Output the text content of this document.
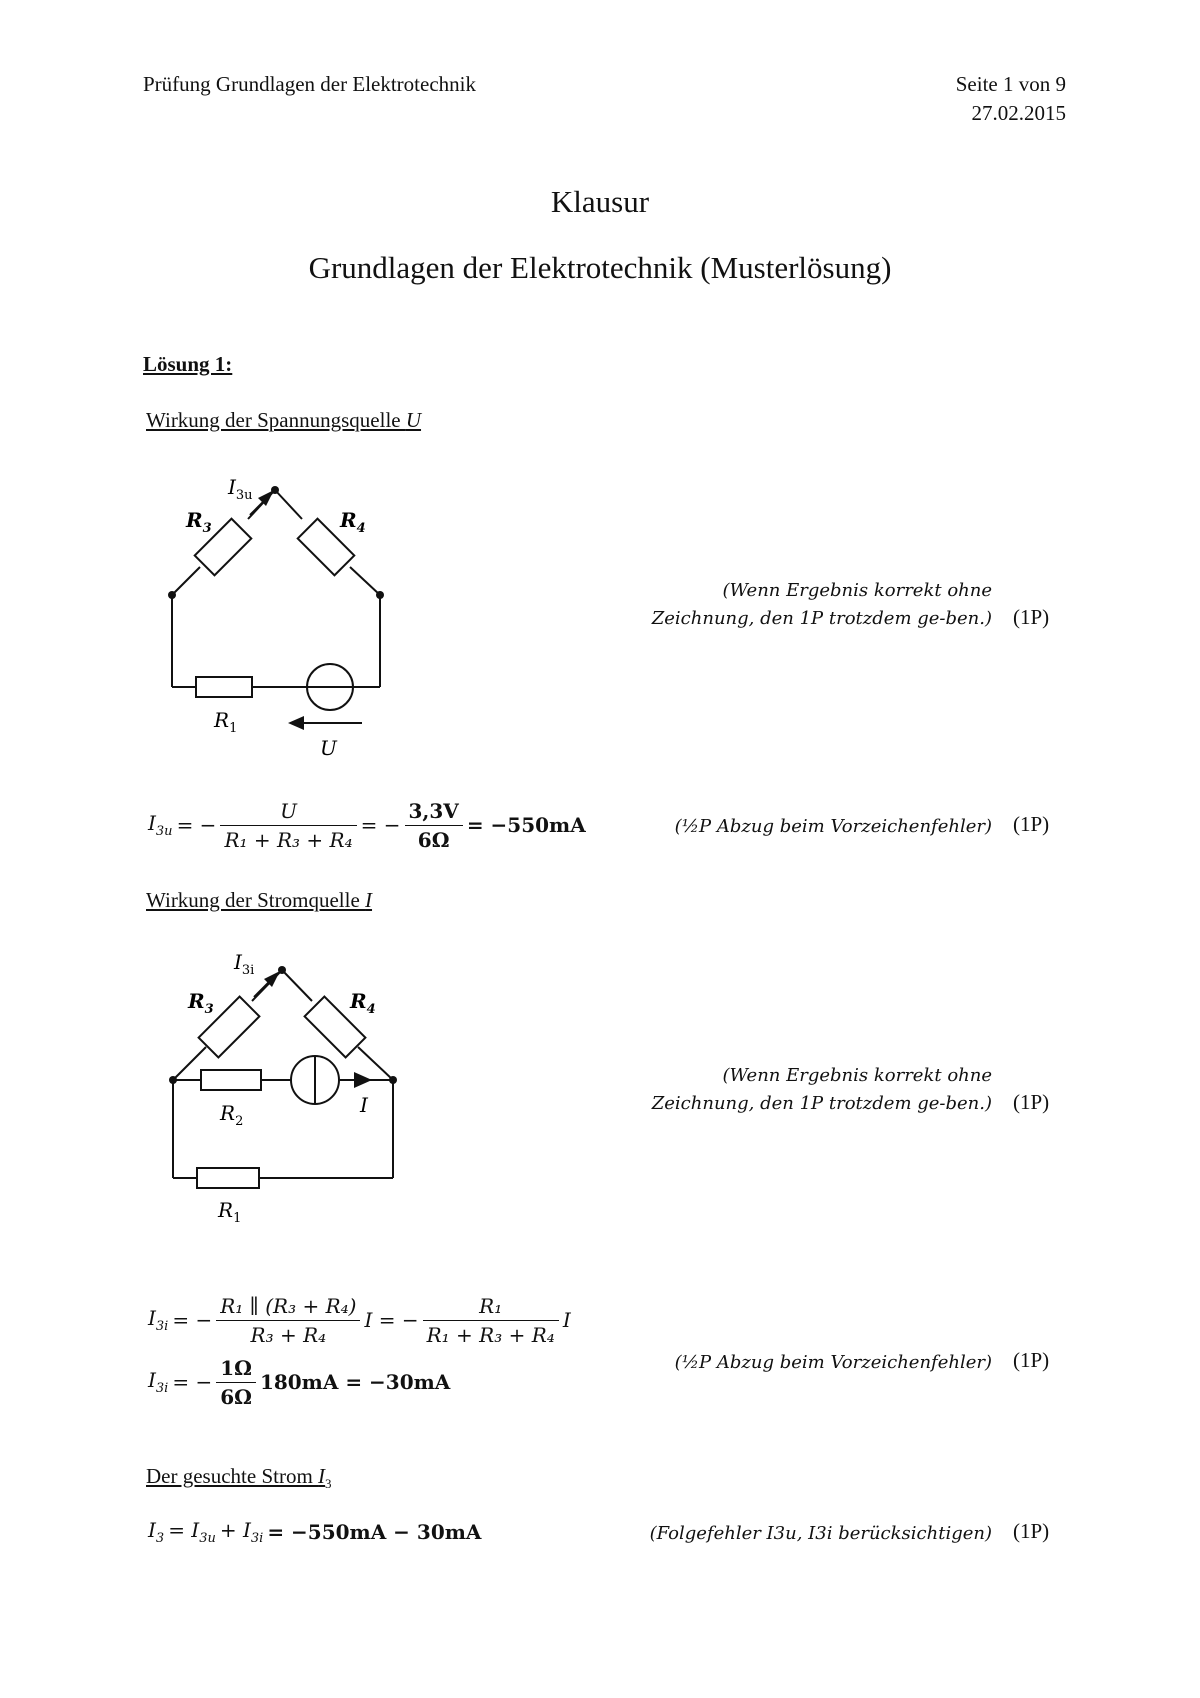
Prüfung Grundlagen der Elektrotechnik	Seite 1 von 9
27.02.2015
Klausur
Grundlagen der Elektrotechnik (Musterlösung)
Lösung 1:
Wirkung der Spannungsquelle U
$I_{3u}$
$R_3$	$R_4$
$R_1$
U
(Wenn Ergebnis korrekt ohne Zeichnung, den 1P trotzdem ge-ben.) (1P)
$I_{3u}$ = − $\frac{U}{\text{R₁ + R₃ + R₄}}$ = − $\frac{3,3V}{6\Omega} = -550mA$	(½P Abzug beim Vorzeichenfehler) (1P)
Wirkung der Stromquelle I
$I_{3i}$
$R_3$	$R_4$
$R_2$
I
$R_1$
(Wenn Ergebnis korrekt ohne Zeichnung, den 1P trotzdem ge-ben.) (1P)
$I_{3i}$ = − $\frac{\text{R₁ ∥ (R₃ + R₄)}}{\text{R₃ + R₄}}$ I = − $\frac{\text{R₁}}{\text{R₁ + R₃ + R₄}}$ I
$I_{3i}$ = − $\frac{1\Omega}{6\Omega} 180mA = -30mA$
(½P Abzug beim Vorzeichenfehler) (1P)
Der gesuchte Strom $I_3$
$I_3 = I_{3u} + I_{3i} = -550mA - 30mA$	(Folgefehler I3u, I3i berücksichtigen) (1P)
